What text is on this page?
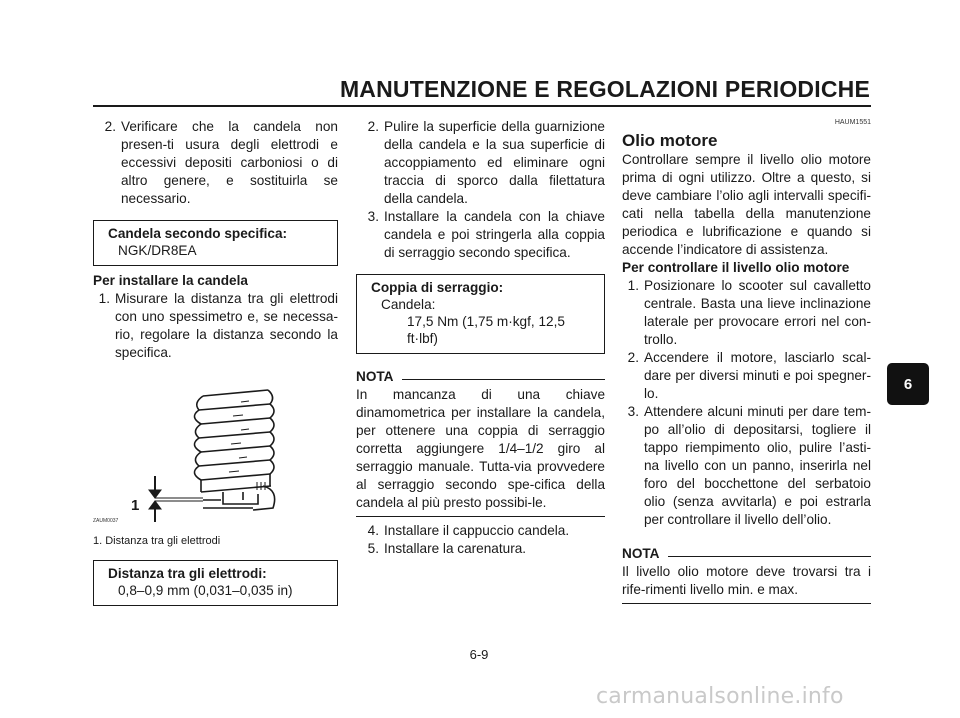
MANUTENZIONE E REGOLAZIONI PERIODICHE
2. Verificare che la candela non presen-ti usura degli elettrodi e eccessivi depositi carboniosi o di altro genere, e sostituirla se necessario.
Candela secondo specifica:
NGK/DR8EA
Per installare la candela
1. Misurare la distanza tra gli elettrodi con uno spessimetro e, se necessa-rio, regolare la distanza secondo la specifica.
1
ZAUM0037
1. Distanza tra gli elettrodi
Distanza tra gli elettrodi:
0,8–0,9 mm (0,031–0,035 in)
2. Pulire la superficie della guarnizione della candela e la sua superficie di accoppiamento ed eliminare ogni traccia di sporco dalla filettatura della candela.
3. Installare la candela con la chiave candela e poi stringerla alla coppia di serraggio secondo specifica.
Coppia di serraggio:
Candela:
17,5 Nm (1,75 m·kgf, 12,5 ft·lbf)
NOTA
In mancanza di una chiave dinamometrica per installare la candela, per ottenere una coppia di serraggio corretta aggiungere 1/4–1/2 giro al serraggio manuale. Tutta-via provvedere al serraggio secondo spe-cifica della candela al più presto possibi-le.
4. Installare il cappuccio candela.
5. Installare la carenatura.
HAUM1551
Olio motore
Controllare sempre il livello olio motore prima di ogni utilizzo. Oltre a questo, si deve cambiare l’olio agli intervalli specifi-cati nella tabella della manutenzione periodica e lubrificazione e quando si accende l’indicatore di assistenza.
Per controllare il livello olio motore
1. Posizionare lo scooter sul cavalletto centrale. Basta una lieve inclinazione laterale per provocare errori nel con-trollo.
2. Accendere il motore, lasciarlo scal-dare per diversi minuti e poi spegner-lo.
3. Attendere alcuni minuti per dare tem-po all’olio di depositarsi, togliere il tappo riempimento olio, pulire l’asti-na livello con un panno, inserirla nel foro del bocchettone del serbatoio olio (senza avvitarla) e poi estrarla per controllare il livello dell’olio.
NOTA
Il livello olio motore deve trovarsi tra i rife-rimenti livello min. e max.
6
6-9
carmanualsonline.info
